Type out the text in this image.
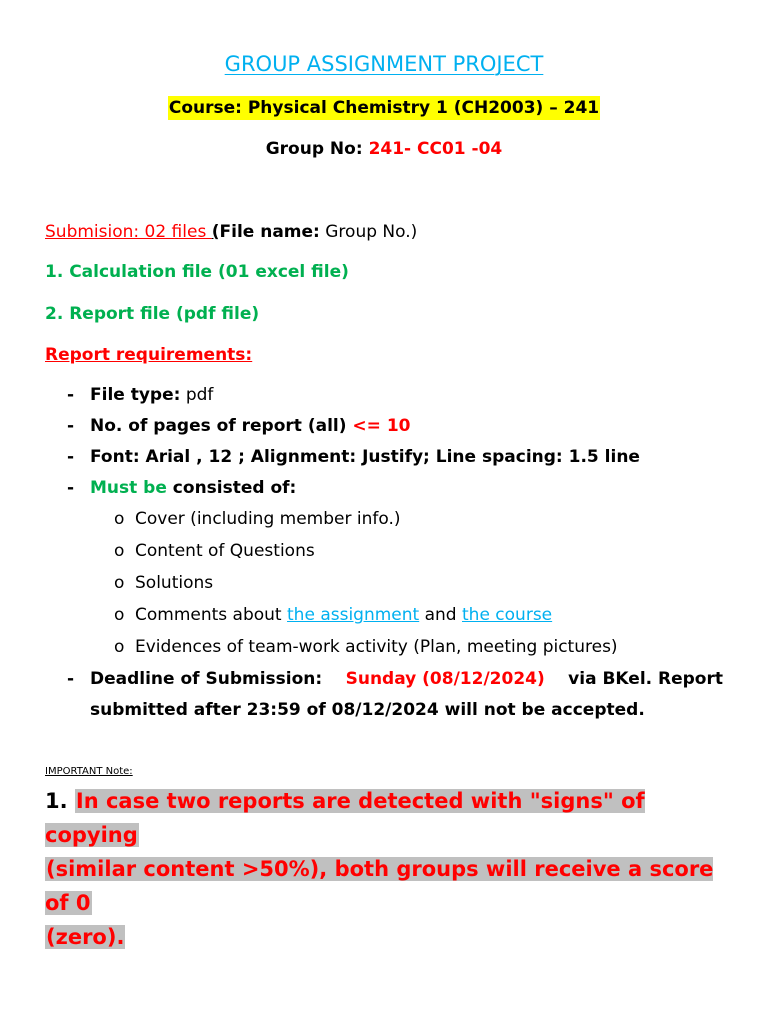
GROUP ASSIGNMENT PROJECT
Course: Physical Chemistry 1 (CH2003) – 241
Group No: 241- CC01 -04
Submision: 02 files (File name: Group No.)
1. Calculation file (01 excel file)
2. Report file (pdf file)
Report requirements:
- File type: pdf
- No. of pages of report (all) <= 10
- Font: Arial , 12 ; Alignment: Justify; Line spacing: 1.5 line
- Must be consisted of:
o Cover (including member info.)
o Content of Questions
o Solutions
o Comments about the assignment and the course
o Evidences of team-work activity (Plan, meeting pictures)
- Deadline of Submission: Sunday (08/12/2024) via BKel. Report
submitted after 23:59 of 08/12/2024 will not be accepted.
IMPORTANT Note:
1. In case two reports are detected with "signs" of copying
(similar content >50%), both groups will receive a score of 0
(zero).
